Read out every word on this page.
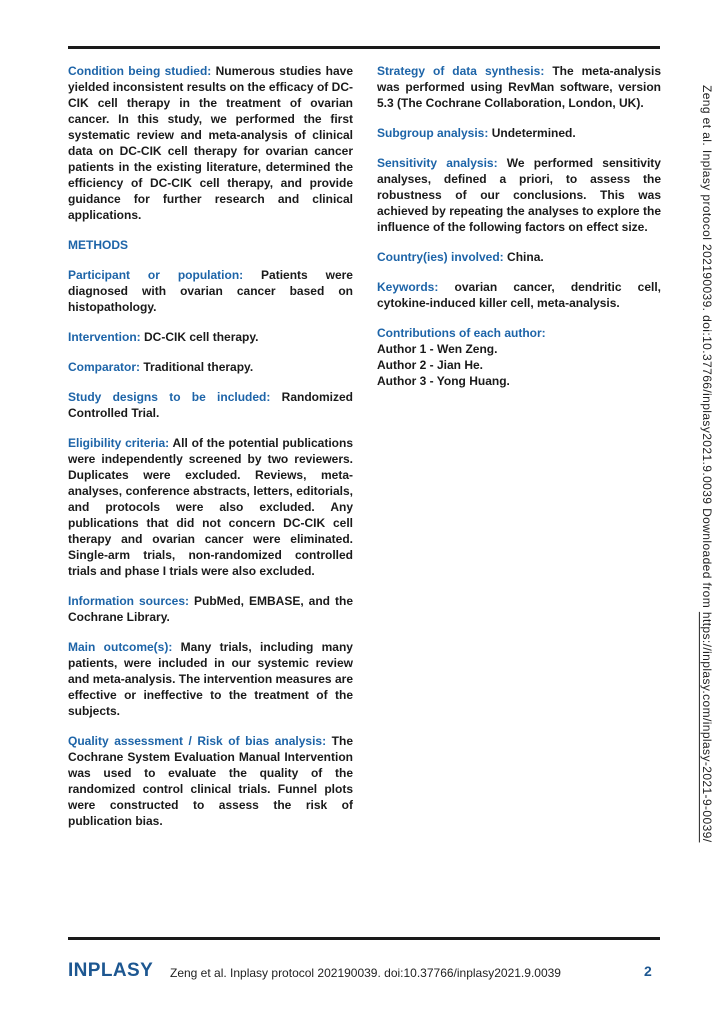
Condition being studied: Numerous studies have yielded inconsistent results on the efficacy of DC-CIK cell therapy in the treatment of ovarian cancer. In this study, we performed the first systematic review and meta-analysis of clinical data on DC-CIK cell therapy for ovarian cancer patients in the existing literature, determined the efficiency of DC-CIK cell therapy, and provide guidance for further research and clinical applications.

METHODS

Participant or population: Patients were diagnosed with ovarian cancer based on histopathology.

Intervention: DC-CIK cell therapy.

Comparator: Traditional therapy.

Study designs to be included: Randomized Controlled Trial.

Eligibility criteria: All of the potential publications were independently screened by two reviewers. Duplicates were excluded. Reviews, meta-analyses, conference abstracts, letters, editorials, and protocols were also excluded. Any publications that did not concern DC-CIK cell therapy and ovarian cancer were eliminated. Single-arm trials, non-randomized controlled trials and phase I trials were also excluded.

Information sources: PubMed, EMBASE, and the Cochrane Library.

Main outcome(s): Many trials, including many patients, were included in our systemic review and meta-analysis. The intervention measures are effective or ineffective to the treatment of the subjects.

Quality assessment / Risk of bias analysis: The Cochrane System Evaluation Manual Intervention was used to evaluate the quality of the randomized control clinical trials. Funnel plots were constructed to assess the risk of publication bias.

Strategy of data synthesis: The meta-analysis was performed using RevMan software, version 5.3 (The Cochrane Collaboration, London, UK).

Subgroup analysis: Undetermined.

Sensitivity analysis: We performed sensitivity analyses, defined a priori, to assess the robustness of our conclusions. This was achieved by repeating the analyses to explore the influence of the following factors on effect size.

Country(ies) involved: China.

Keywords: ovarian cancer, dendritic cell, cytokine-induced killer cell, meta-analysis.

Contributions of each author:
Author 1 - Wen Zeng.
Author 2 - Jian He.
Author 3 - Yong Huang.	Zeng et al. Inplasy protocol 202190039. doi:10.37766/inplasy2021.9.0039 Downloaded from https://inplasy.com/inplasy-2021-9-0039/
INPLASY Zeng et al. Inplasy protocol 202190039. doi:10.37766/inplasy2021.9.0039	2
